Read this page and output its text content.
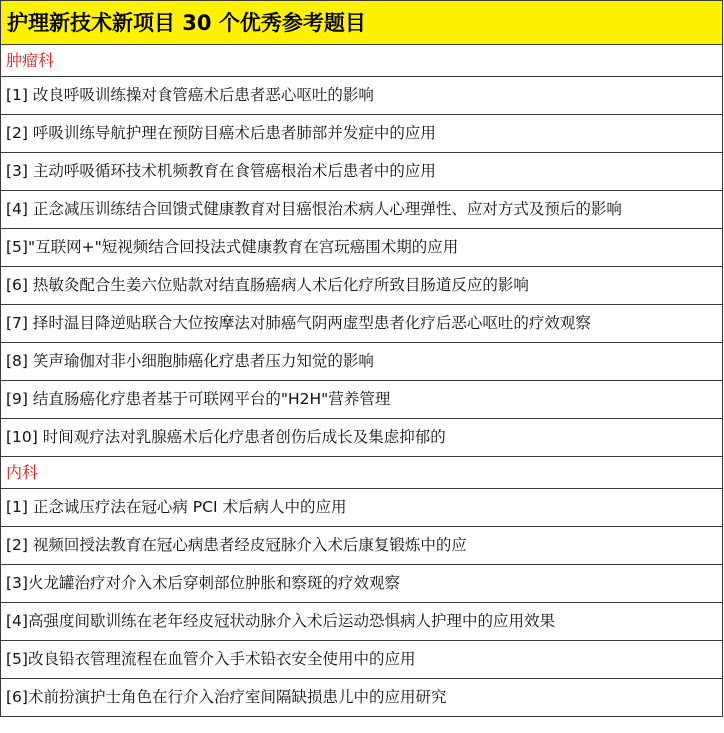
护理新技术新项目 30 个优秀参考题目
肿瘤科
[1] 改良呼吸训练操对食管癌术后患者恶心呕吐的影响
[2] 呼吸训练导航护理在预防目癌术后患者肺部并发症中的应用
[3] 主动呼吸循环技术机频教育在食管癌根治术后患者中的应用
[4] 正念减压训练结合回馈式健康教育对目癌恨治术病人心理弹性、应对方式及预后的影响
[5]"互联网+"短视频结合回投法式健康教育在宫玩癌围术期的应用
[6] 热敏灸配合生姜六位贴款对结直肠癌病人术后化疗所致目肠道反应的影响
[7] 择时温目降逆贴联合大位按摩法对肺癌气阴两虚型患者化疗后恶心呕吐的疗效观察
[8] 笑声瑜伽对非小细胞肺癌化疗患者压力知觉的影响
[9] 结直肠癌化疗患者基于可联网平台的"H2H"营养管理
[10] 时间观疗法对乳腺癌术后化疗患者创伤后成长及集虑抑郁的
内科
[1] 正念诚压疗法在冠心病 PCI 术后病人中的应用
[2] 视频回授法教育在冠心病患者经皮冠脉介入术后康复锻炼中的应
[3]火龙罐治疗对介入术后穿刺部位肿胀和察斑的疗效观察
[4]高强度间歇训练在老年经皮冠状动脉介入术后运动恐惧病人护理中的应用效果
[5]改良铅衣管理流程在血管介入手术铅衣安全使用中的应用
[6]术前扮演护士角色在行介入治疗室间隔缺损患儿中的应用研究
